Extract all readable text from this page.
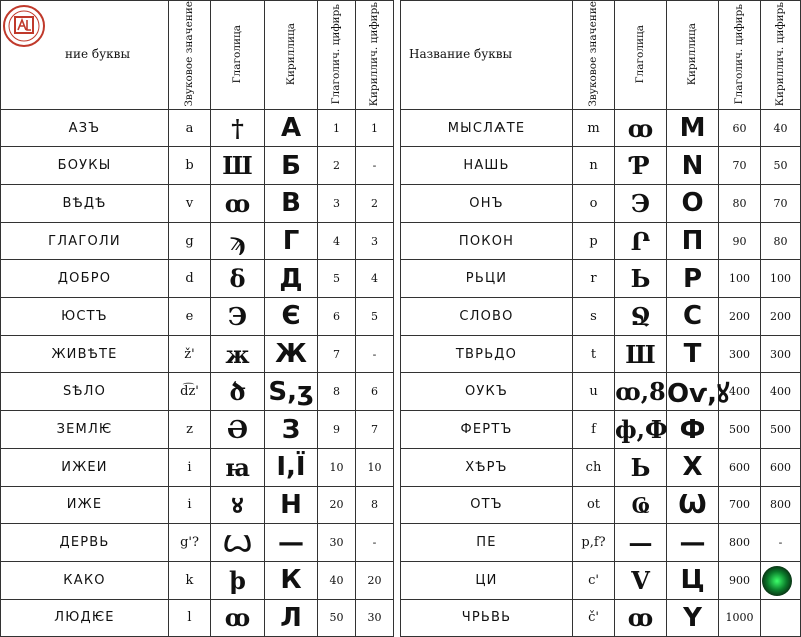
ние буквы	Звуковое значение	Глаголица	Кириллица	Глаголич. цифирь	Кириллич. цифирь
АЗЪ	a	†	А	1	1
БОУКЫ	b	Ш	Б	2	-
ВѢДѢ	v	ꝏ	В	3	2
ГЛАГОЛИ	g	ϡ	Г	4	3
ДОБРО	d	δ	Д	5	4
ЮСТЪ	e	Э	Є	6	5
ЖИВѢТЕ	ž'	ж	Ж	7	-
ЅѢЛО	d͡z'	ծ	Ѕ,ʒ	8	6
ЗЕМЛѤ	z	Ә	З	9	7
ИЖЕИ	i	ꙗ	І,Ї	10	10
ИЖЕ	i	४	Н	20	8
ДЕРВЬ	g'?	Ꙍ	—	30	-
КАКО	k	ϸ	К	40	20
ЛЮДѤЕ	l	ꝏ	Л	50	30
Название буквы	Звуковое значение	Глаголица	Кириллица	Глаголич. цифирь	Кириллич. цифирь
МЫСЛѦТЕ	m	ꝏ	М	60	40
НАШЬ	n	Ƥ	N	70	50
ОНЪ	o	Э	О	80	70
ПОКОН	p	Ր	П	90	80
РЬЦИ	r	Ь	Р	100	100
СЛОВО	s	Ջ	С	200	200
ТВРЬДО	t	Ш	Т	300	300
ОУКЪ	u	ꝏ,8	Оѵ,ꙋ	400	400
ФЕРТЪ	f	ф,Ф	Ф	500	500
ХѢРЪ	ch	Ь	Х	600	600
ОТЪ	ot	Ҩ	Ѡ	700	800
ПЕ	p,f?	—	—	800	-
ЦИ	c'	V	Ц	900	
ЧРЬВЬ	č'	ꝏ	Ү	1000	
